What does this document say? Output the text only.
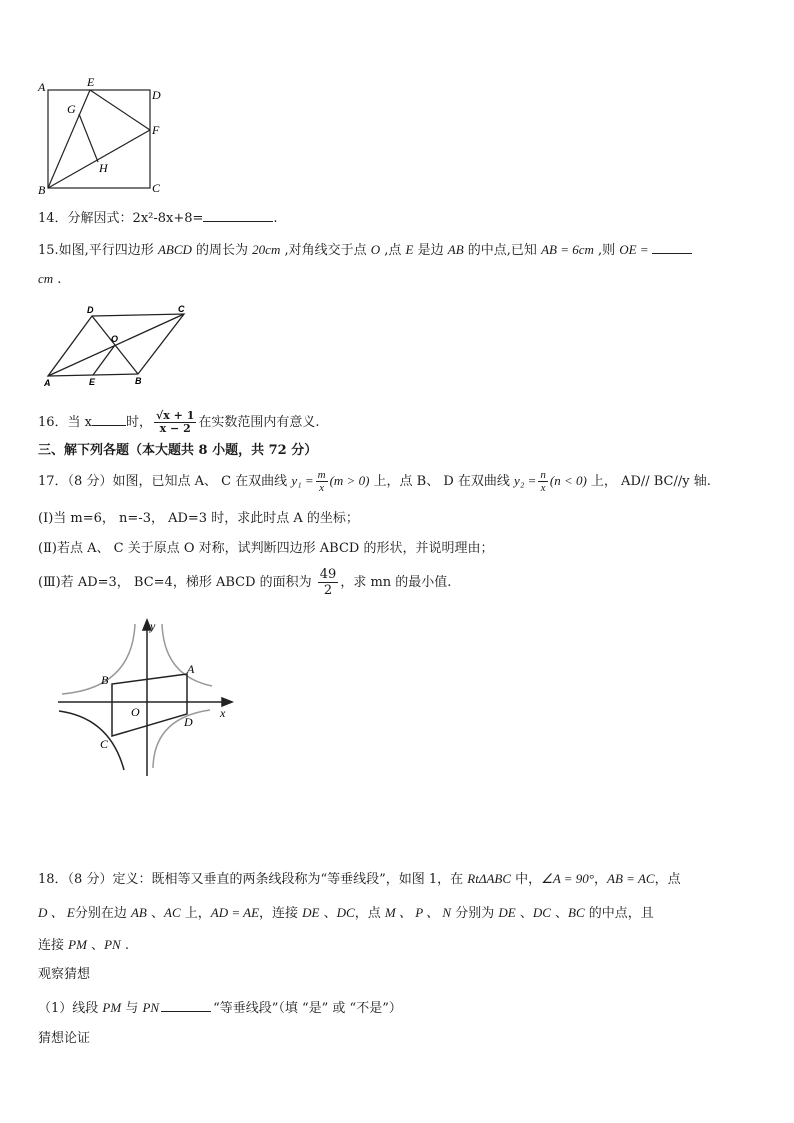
A	E
D
G
F
H
B	C
14．分解因式：2x²-8x+8=	.
15.如图,平行四边形 ABCD 的周长为 20cm ,对角线交于点 O ,点 E 是边 AB 的中点,已知 AB = 6cm ,则 OE =
cm .
D	C
O
A	E	B
16．当 x	时， $\frac{√x + 1}{x - 2}$ 在实数范围内有意义.
三、解下列各题（本大题共 8 小题，共 72 分）
17．（8 分）如图，已知点 A、 C 在双曲线 $y_1 = \frac{m}{x} (m > 0)$ 上，点 B、 D 在双曲线 $y_2 = \frac{n}{x} (n < 0)$ 上， AD// BC//y 轴.
(Ⅰ)当 m=6， n=-3， AD=3 时，求此时点 A 的坐标；
(Ⅱ)若点 A、 C 关于原点 O 对称，试判断四边形 ABCD 的形状，并说明理由；
(Ⅲ)若 AD=3， BC=4，梯形 ABCD 的面积为 $\frac{49}{2}$ ，求 mn 的最小值.
y
x
A
B
O
C
D
18．（8 分）定义：既相等又垂直的两条线段称为“等垂线段”，如图 1，在 RtΔABC 中，∠A = 90°，AB = AC，点
D 、 E分别在边 AB 、AC 上，AD = AE，连接 DE 、DC，点 M 、 P 、 N 分别为 DE 、DC 、BC 的中点，且
连接 PM 、PN .
观察猜想
（1）线段 PM 与 PN	“等垂线段”（填 “是” 或 “不是”）
猜想论证
